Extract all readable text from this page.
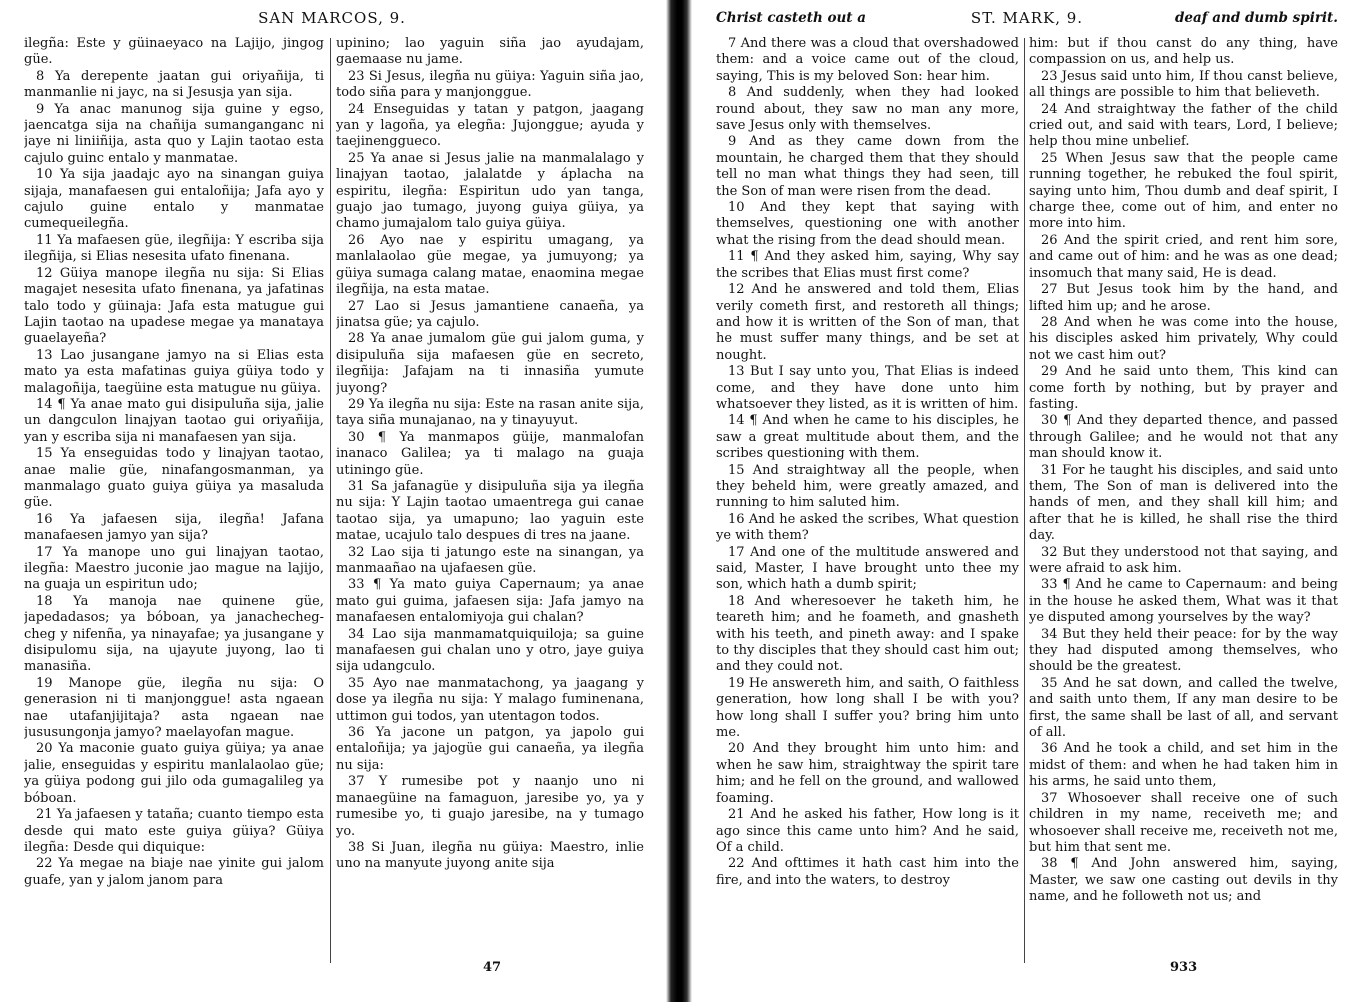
SAN MARCOS, 9.

ilegña: Este y güinaeyaco na Lajijo, jingog güe.

8 Ya derepente jaatan gui oriyañija, ti manmanlie ni jayc, na si Jesusja yan sija.

9 Ya anac manunog sija guine y egso, jaencatga sija na chañija sumanganganc ni jaye ni liniiñija, asta quo y Lajin taotao esta cajulo guinc entalo y manmatae.

10 Ya sija jaadajc ayo na sinangan guiya sijaja, manafaesen gui entaloñija; Jafa ayo y cajulo guine entalo y manmatae cumequeilegña.

11 Ya mafaesen güe, ilegñija: Y escriba sija ilegñija, si Elias nesesita ufato finenana.

12 Güiya manope ilegña nu sija: Si Elias magajet nesesita ufato finenana, ya jafatinas talo todo y güinaja: Jafa esta matugue gui Lajin taotao na upadese megae ya manataya guaelayeña?

13 Lao jusangane jamyo na si Elias esta mato ya esta mafatinas guiya güiya todo y malagoñija, taegüine esta matugue nu güiya.

14 ¶ Ya anae mato gui disipuluña sija, jalie un dangculon linajyan taotao gui oriyañija, yan y escriba sija ni manafaesen yan sija.

15 Ya enseguidas todo y linajyan taotao, anae malie güe, ninafangosmanman, ya manmalago guato guiya güiya ya masaluda güe.

16 Ya jafaesen sija, ilegña! Jafana manafaesen jamyo yan sija?

17 Ya manope uno gui linajyan taotao, ilegña: Maestro juconie jao mague na lajijo, na guaja un espiritun udo;

18 Ya manoja nae quinene güe, japedadasos; ya bóboan, ya janachecheg-cheg y nifenña, ya ninayafae; ya jusangane y disipulomu sija, na ujayute juyong, lao ti manasiña.

19 Manope güe, ilegña nu sija: O generasion ni ti manjonggue! asta ngaean nae utafanjijitaja? asta ngaean nae jususungonja jamyo? maelayofan mague.

20 Ya maconie guato guiya güiya; ya anae jalie, enseguidas y espiritu manlalaolao güe; ya güiya podong gui jilo oda gumagalileg ya bóboan.

21 Ya jafaesen y tataña; cuanto tiempo esta desde qui mato este guiya güiya? Güiya ilegña: Desde qui diquique:

22 Ya megae na biaje nae yinite gui jalom guafe, yan y jalom janom para

upinino; lao yaguin siña jao ayudajam, gaemaase nu jame.

23 Si Jesus, ilegña nu güiya: Yaguin siña jao, todo siña para y manjonggue.

24 Enseguidas y tatan y patgon, jaagang yan y lagoña, ya elegña: Jujonggue; ayuda y taejinenggueco.

25 Ya anae si Jesus jalie na manmalalago y linajyan taotao, jalalatde y áplacha na espiritu, ilegña: Espiritun udo yan tanga, guajo jao tumago, juyong guiya güiya, ya chamo jumajalom talo guiya güiya.

26 Ayo nae y espiritu umagang, ya manlalaolao güe megae, ya jumuyong; ya güiya sumaga calang matae, enaomina megae ilegñija, na esta matae.

27 Lao si Jesus jamantiene canaeña, ya jinatsa güe; ya cajulo.

28 Ya anae jumalom güe gui jalom guma, y disipuluña sija mafaesen güe en secreto, ilegñija: Jafajam na ti innasiña yumute juyong?

29 Ya ilegña nu sija: Este na rasan anite sija, taya siña munajanao, na y tinayuyut.

30 ¶ Ya manmapos güije, manmalofan inanaco Galilea; ya ti malago na guaja utiningo güe.

31 Sa jafanagüe y disipuluña sija ya ilegña nu sija: Y Lajin taotao umaentrega gui canae taotao sija, ya umapuno; lao yaguin este matae, ucajulo talo despues di tres na jaane.

32 Lao sija ti jatungo este na sinangan, ya manmaañao na ujafaesen güe.

33 ¶ Ya mato guiya Capernaum; ya anae mato gui guima, jafaesen sija: Jafa jamyo na manafaesen entalomiyoja gui chalan?

34 Lao sija manmamatquiquiloja; sa guine manafaesen gui chalan uno y otro, jaye guiya sija udangculo.

35 Ayo nae manmatachong, ya jaagang y dose ya ilegña nu sija: Y malago fuminenana, uttimon gui todos, yan utentagon todos.

36 Ya jacone un patgon, ya japolo gui entaloñija; ya jajogüe gui canaeña, ya ilegña nu sija:

37 Y rumesibe pot y naanjo uno ni manaegüine na famaguon, jaresibe yo, ya y rumesibe yo, ti guajo jaresibe, na y tumago yo.

38 Si Juan, ilegña nu güiya: Maestro, inlie uno na manyute juyong anite sija

47
Christ casteth out a	ST. MARK, 9.	deaf and dumb spirit.

7 And there was a cloud that overshadowed them: and a voice came out of the cloud, saying, This is my beloved Son: hear him.

8 And suddenly, when they had looked round about, they saw no man any more, save Jesus only with themselves.

9 And as they came down from the mountain, he charged them that they should tell no man what things they had seen, till the Son of man were risen from the dead.

10 And they kept that saying with themselves, questioning one with another what the rising from the dead should mean.

11 ¶ And they asked him, saying, Why say the scribes that Elias must first come?

12 And he answered and told them, Elias verily cometh first, and restoreth all things; and how it is written of the Son of man, that he must suffer many things, and be set at nought.

13 But I say unto you, That Elias is indeed come, and they have done unto him whatsoever they listed, as it is written of him.

14 ¶ And when he came to his disciples, he saw a great multitude about them, and the scribes questioning with them.

15 And straightway all the people, when they beheld him, were greatly amazed, and running to him saluted him.

16 And he asked the scribes, What question ye with them?

17 And one of the multitude answered and said, Master, I have brought unto thee my son, which hath a dumb spirit;

18 And wheresoever he taketh him, he teareth him; and he foameth, and gnasheth with his teeth, and pineth away: and I spake to thy disciples that they should cast him out; and they could not.

19 He answereth him, and saith, O faithless generation, how long shall I be with you? how long shall I suffer you? bring him unto me.

20 And they brought him unto him: and when he saw him, straightway the spirit tare him; and he fell on the ground, and wallowed foaming.

21 And he asked his father, How long is it ago since this came unto him? And he said, Of a child.

22 And ofttimes it hath cast him into the fire, and into the waters, to destroy

him: but if thou canst do any thing, have compassion on us, and help us.

23 Jesus said unto him, If thou canst believe, all things are possible to him that believeth.

24 And straightway the father of the child cried out, and said with tears, Lord, I believe; help thou mine unbelief.

25 When Jesus saw that the people came running together, he rebuked the foul spirit, saying unto him, Thou dumb and deaf spirit, I charge thee, come out of him, and enter no more into him.

26 And the spirit cried, and rent him sore, and came out of him: and he was as one dead; insomuch that many said, He is dead.

27 But Jesus took him by the hand, and lifted him up; and he arose.

28 And when he was come into the house, his disciples asked him privately, Why could not we cast him out?

29 And he said unto them, This kind can come forth by nothing, but by prayer and fasting.

30 ¶ And they departed thence, and passed through Galilee; and he would not that any man should know it.

31 For he taught his disciples, and said unto them, The Son of man is delivered into the hands of men, and they shall kill him; and after that he is killed, he shall rise the third day.

32 But they understood not that saying, and were afraid to ask him.

33 ¶ And he came to Capernaum: and being in the house he asked them, What was it that ye disputed among yourselves by the way?

34 But they held their peace: for by the way they had disputed among themselves, who should be the greatest.

35 And he sat down, and called the twelve, and saith unto them, If any man desire to be first, the same shall be last of all, and servant of all.

36 And he took a child, and set him in the midst of them: and when he had taken him in his arms, he said unto them,

37 Whosoever shall receive one of such children in my name, receiveth me; and whosoever shall receive me, receiveth not me, but him that sent me.

38 ¶ And John answered him, saying, Master, we saw one casting out devils in thy name, and he followeth not us; and

933
